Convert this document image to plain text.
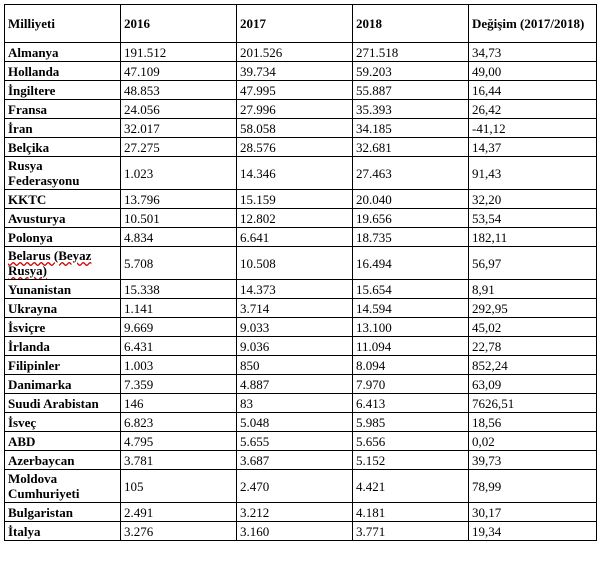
Milliyeti	2016	2017	2018	Değişim (2017/2018)
Almanya	191.512	201.526	271.518	34,73
Hollanda	47.109	39.734	59.203	49,00
İngiltere	48.853	47.995	55.887	16,44
Fransa	24.056	27.996	35.393	26,42
İran	32.017	58.058	34.185	-41,12
Belçika	27.275	28.576	32.681	14,37
Rusya Federasyonu	1.023	14.346	27.463	91,43
KKTC	13.796	15.159	20.040	32,20
Avusturya	10.501	12.802	19.656	53,54
Polonya	4.834	6.641	18.735	182,11
Belarus (Beyaz Rusya)	5.708	10.508	16.494	56,97
Yunanistan	15.338	14.373	15.654	8,91
Ukrayna	1.141	3.714	14.594	292,95
İsviçre	9.669	9.033	13.100	45,02
İrlanda	6.431	9.036	11.094	22,78
Filipinler	1.003	850	8.094	852,24
Danimarka	7.359	4.887	7.970	63,09
Suudi Arabistan	146	83	6.413	7626,51
İsveç	6.823	5.048	5.985	18,56
ABD	4.795	5.655	5.656	0,02
Azerbaycan	3.781	3.687	5.152	39,73
Moldova Cumhuriyeti	105	2.470	4.421	78,99
Bulgaristan	2.491	3.212	4.181	30,17
İtalya	3.276	3.160	3.771	19,34
